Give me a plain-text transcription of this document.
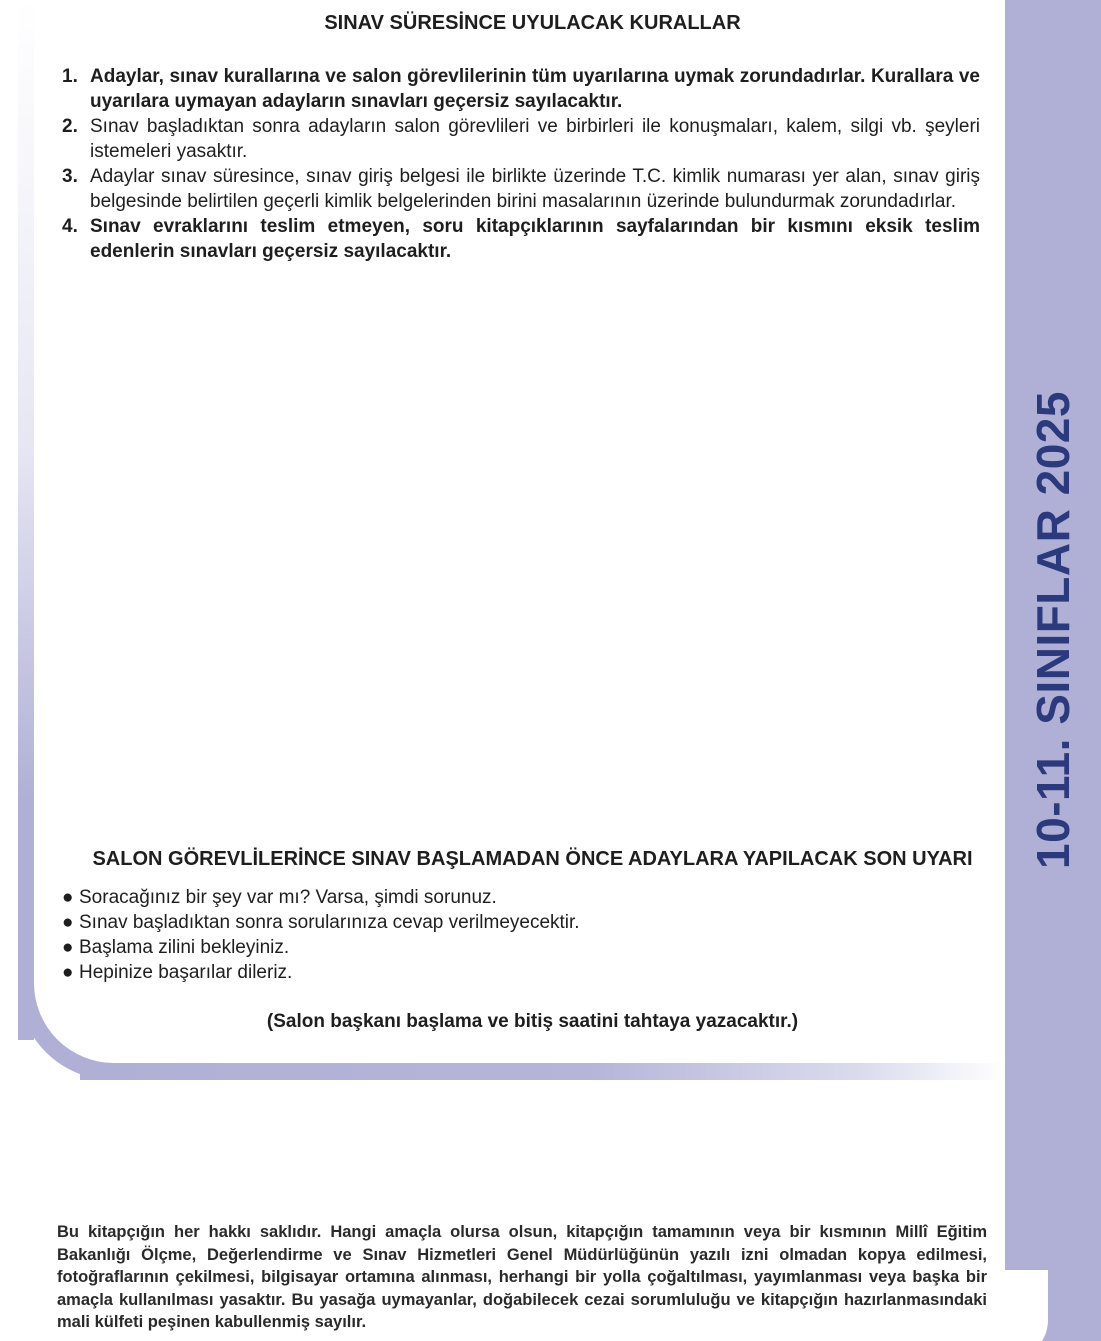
10-11. SINIFLAR 2025
SINAV SÜRESİNCE UYULACAK KURALLAR
1. Adaylar, sınav kurallarına ve salon görevlilerinin tüm uyarılarına uymak zorundadırlar. Kurallara ve uyarılara uymayan adayların sınavları geçersiz sayılacaktır.
2. Sınav başladıktan sonra adayların salon görevlileri ve birbirleri ile konuşmaları, kalem, silgi vb. şeyleri istemeleri yasaktır.
3. Adaylar sınav süresince, sınav giriş belgesi ile birlikte üzerinde T.C. kimlik numarası yer alan, sınav giriş belgesinde belirtilen geçerli kimlik belgelerinden birini masalarının üzerinde bulundurmak zorundadırlar.
4. Sınav evraklarını teslim etmeyen, soru kitapçıklarının sayfalarından bir kısmını eksik teslim edenlerin sınavları geçersiz sayılacaktır.
SALON GÖREVLİLERİNCE SINAV BAŞLAMADAN ÖNCE ADAYLARA YAPILACAK SON UYARI
● Soracağınız bir şey var mı? Varsa, şimdi sorunuz.
● Sınav başladıktan sonra sorularınıza cevap verilmeyecektir.
● Başlama zilini bekleyiniz.
● Hepinize başarılar dileriz.
(Salon başkanı başlama ve bitiş saatini tahtaya yazacaktır.)
Bu kitapçığın her hakkı saklıdır. Hangi amaçla olursa olsun, kitapçığın tamamının veya bir kısmının Millî Eğitim Bakanlığı Ölçme, Değerlendirme ve Sınav Hizmetleri Genel Müdürlüğünün yazılı izni olmadan kopya edilmesi, fotoğraflarının çekilmesi, bilgisayar ortamına alınması, herhangi bir yolla çoğaltılması, yayımlanması veya başka bir amaçla kullanılması yasaktır. Bu yasağa uymayanlar, doğabilecek cezai sorumluluğu ve kitapçığın hazırlanmasındaki mali külfeti peşinen kabullenmiş sayılır.
